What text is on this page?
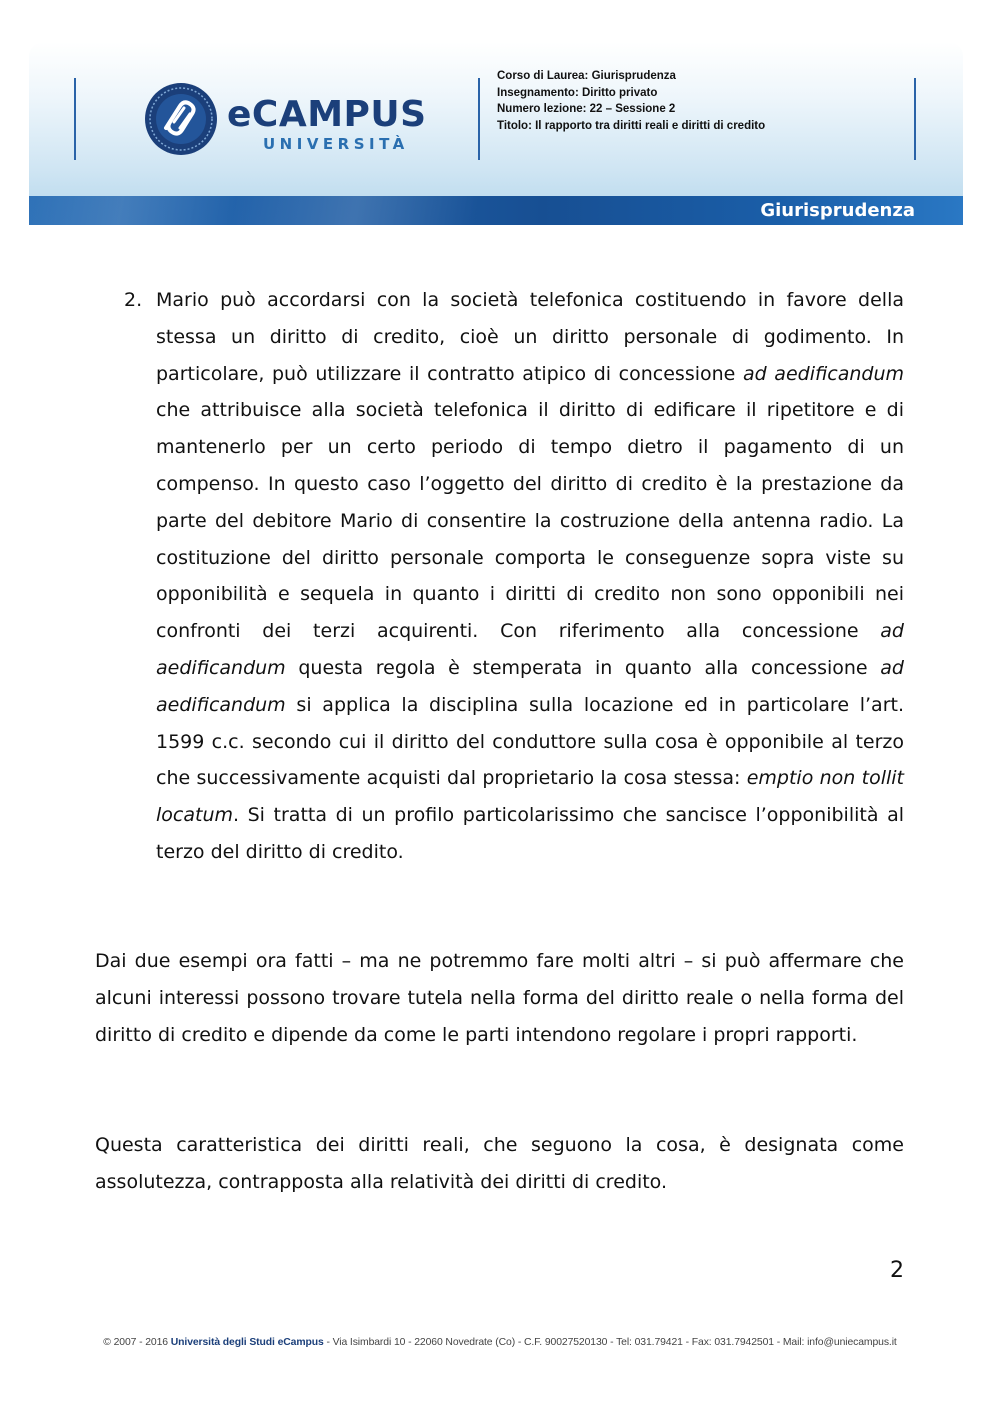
eCAMPUS
UNIVERSITÀ
Corso di Laurea: Giurisprudenza
Insegnamento: Diritto privato
Numero lezione: 22 – Sessione 2
Titolo: Il rapporto tra diritti reali e diritti di credito
Giurisprudenza
2. Mario può accordarsi con la società telefonica costituendo in favore della stessa un diritto di credito, cioè un diritto personale di godimento. In particolare, può utilizzare il contratto atipico di concessione ad aedificandum che attribuisce alla società telefonica il diritto di edificare il ripetitore e di mantenerlo per un certo periodo di tempo dietro il pagamento di un compenso. In questo caso l’oggetto del diritto di credito è la prestazione da parte del debitore Mario di consentire la costruzione della antenna radio. La costituzione del diritto personale comporta le conseguenze sopra viste su opponibilità e sequela in quanto i diritti di credito non sono opponibili nei confronti dei terzi acquirenti. Con riferimento alla concessione ad aedificandum questa regola è stemperata in quanto alla concessione ad aedificandum si applica la disciplina sulla locazione ed in particolare l’art. 1599 c.c. secondo cui il diritto del conduttore sulla cosa è opponibile al terzo che successivamente acquisti dal proprietario la cosa stessa: emptio non tollit locatum. Si tratta di un profilo particolarissimo che sancisce l’opponibilità al terzo del diritto di credito.
Dai due esempi ora fatti – ma ne potremmo fare molti altri – si può affermare che alcuni interessi possono trovare tutela nella forma del diritto reale o nella forma del diritto di credito e dipende da come le parti intendono regolare i propri rapporti.
Questa caratteristica dei diritti reali, che seguono la cosa, è designata come assolutezza, contrapposta alla relatività dei diritti di credito.
2
© 2007 - 2016 Università degli Studi eCampus - Via Isimbardi 10 - 22060 Novedrate (Co) - C.F. 90027520130 - Tel: 031.79421 - Fax: 031.7942501 - Mail: info@uniecampus.it
